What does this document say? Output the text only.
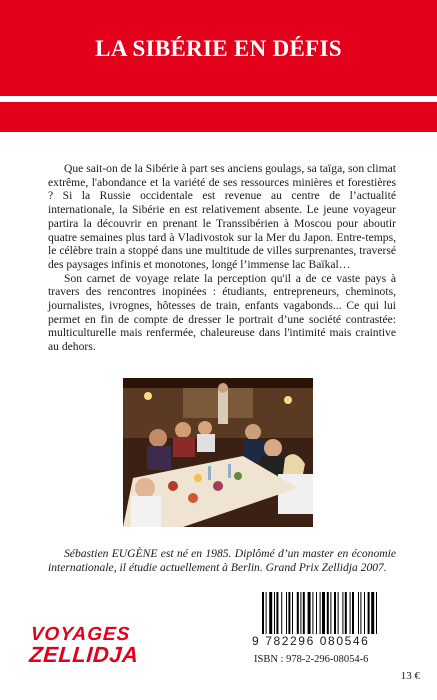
LA SIBÉRIE EN DÉFIS

Que sait-on de la Sibérie à part ses anciens goulags, sa taïga, son climat extrême, l'abondance et la variété de ses ressources minières et forestières ? Si la Russie occidentale est revenue au centre de l’actualité internationale, la Sibérie en est relativement absente. Le jeune voyageur partira la découvrir en prenant le Transsibérien à Moscou pour aboutir quatre semaines plus tard à Vladivostok sur la Mer du Japon. Entre-temps, le célèbre train a stoppé dans une multitude de villes surprenantes, traversé des paysages infinis et monotones, longé l’immense lac Baïkal…

Son carnet de voyage relate la perception qu'il a de ce vaste pays à travers des rencontres inopinées : étudiants, entrepreneurs, cheminots, journalistes, ivrognes, hôtesses de train, enfants vagabonds... Ce qui lui permet en fin de compte de dresser le portrait d’une société contrastée: multiculturelle mais renfermée, chaleureuse dans l'intimité mais craintive au dehors.

Sébastien EUGÈNE est né en 1985. Diplômé d’un master en économie internationale, il étudie actuellement à Berlin. Grand Prix Zellidja 2007.

VOYAGES
ZELLIDJA
9 782296 080546
ISBN : 978-2-296-08054-6
13 €
